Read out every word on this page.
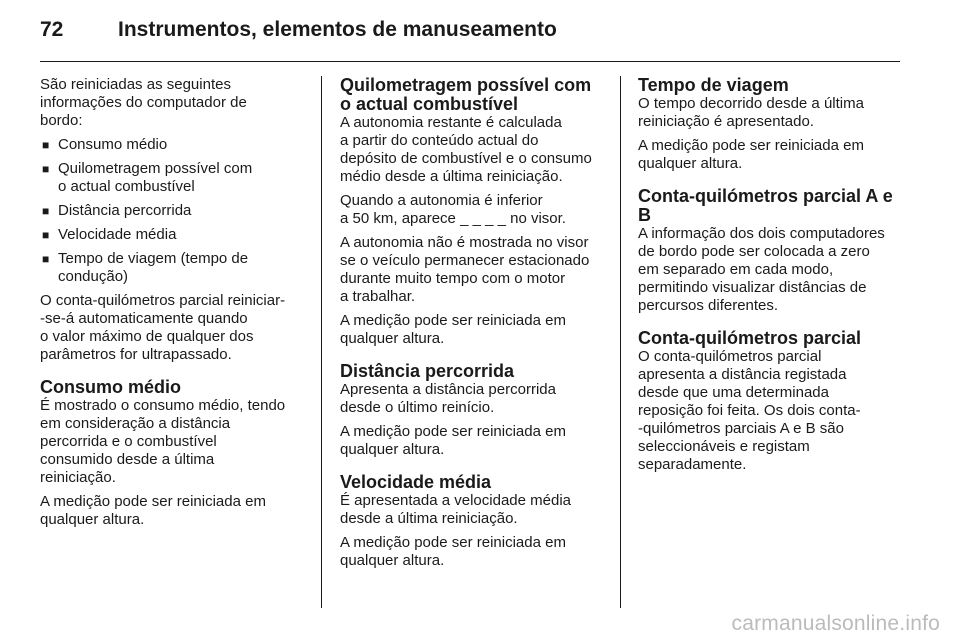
72	Instrumentos, elementos de manuseamento

São reiniciadas as seguintes
informações do computador de
bordo:

■ Consumo médio
■ Quilometragem possível com
o actual combustível
■ Distância percorrida
■ Velocidade média
■ Tempo de viagem (tempo de
condução)

O conta-quilómetros parcial reiniciar-
-se-á automaticamente quando
o valor máximo de qualquer dos
parâmetros for ultrapassado.

Consumo médio

É mostrado o consumo médio, tendo
em consideração a distância
percorrida e o combustível
consumido desde a última
reiniciação.

A medição pode ser reiniciada em
qualquer altura.

Quilometragem possível com
o actual combustível

A autonomia restante é calculada
a partir do conteúdo actual do
depósito de combustível e o consumo
médio desde a última reiniciação.

Quando a autonomia é inferior
a 50 km, aparece _ _ _ _ no visor.

A autonomia não é mostrada no visor
se o veículo permanecer estacionado
durante muito tempo com o motor
a trabalhar.

A medição pode ser reiniciada em
qualquer altura.

Distância percorrida

Apresenta a distância percorrida
desde o último reinício.

A medição pode ser reiniciada em
qualquer altura.

Velocidade média

É apresentada a velocidade média
desde a última reiniciação.

A medição pode ser reiniciada em
qualquer altura.

Tempo de viagem

O tempo decorrido desde a última
reiniciação é apresentado.

A medição pode ser reiniciada em
qualquer altura.

Conta-quilómetros parcial A e B

A informação dos dois computadores
de bordo pode ser colocada a zero
em separado em cada modo,
permitindo visualizar distâncias de
percursos diferentes.

Conta-quilómetros parcial

O conta-quilómetros parcial
apresenta a distância registada
desde que uma determinada
reposição foi feita. Os dois conta-
-quilómetros parciais A e B são
seleccionáveis e registam
separadamente.

carmanualsonline.info
